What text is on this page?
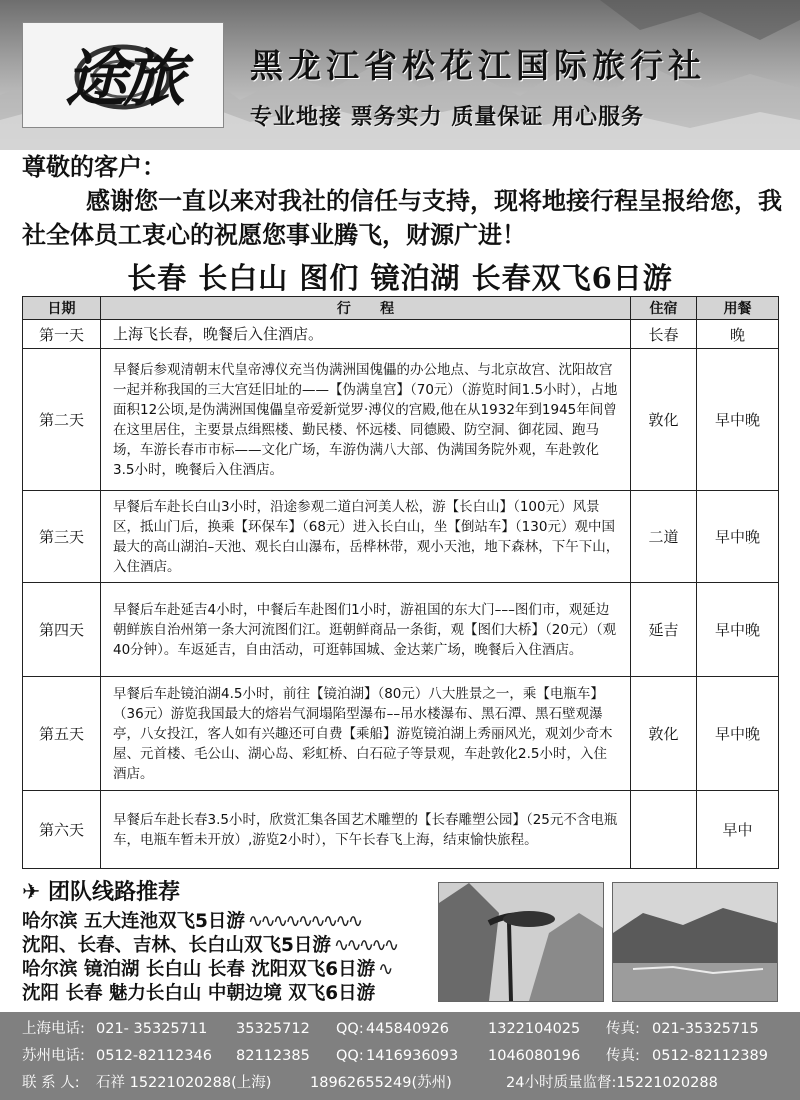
途旅	黑龙江省松花江国际旅行社
专业地接 票务实力 质量保证 用心服务
尊敬的客户：
感谢您一直以来对我社的信任与支持，现将地接行程呈报给您，我社全体员工衷心的祝愿您事业腾飞，财源广进！
长春 长白山 图们 镜泊湖 长春双飞6日游
日期	行      程	住宿	用餐
第一天	上海飞长春，晚餐后入住酒店。	长春	晚
第二天	早餐后参观清朝末代皇帝溥仪充当伪满洲国傀儡的办公地点、与北京故宫、沈阳故宫一起并称我国的三大宫廷旧址的——【伪满皇宫】（70元）（游览时间1.5小时），占地面积12公顷,是伪满洲国傀儡皇帝爱新觉罗·溥仪的宫殿,他在从1932年到1945年间曾在这里居住，主要景点缉熙楼、勤民楼、怀远楼、同德殿、防空洞、御花园、跑马场，车游长春市市标——文化广场，车游伪满八大部、伪满国务院外观，车赴敦化3.5小时，晚餐后入住酒店。	敦化	早中晚
第三天	早餐后车赴长白山3小时，沿途参观二道白河美人松，游【长白山】（100元）风景区，抵山门后，换乘【环保车】（68元）进入长白山，坐【倒站车】（130元）观中国最大的高山湖泊–天池、观长白山瀑布，岳桦林带，观小天池，地下森林，下午下山，入住酒店。	二道	早中晚
第四天	早餐后车赴延吉4小时，中餐后车赴图们1小时，游祖国的东大门–––图们市，观延边朝鲜族自治州第一条大河流图们江。逛朝鲜商品一条街，观【图们大桥】（20元）（观40分钟）。车返延吉，自由活动，可逛韩国城、金达莱广场，晚餐后入住酒店。	延吉	早中晚
第五天	早餐后车赴镜泊湖4.5小时，前往【镜泊湖】（80元）八大胜景之一，乘【电瓶车】（36元）游览我国最大的熔岩气洞塌陷型瀑布––吊水楼瀑布、黑石潭、黑石壁观瀑亭，八女投江，客人如有兴趣还可自费【乘船】游览镜泊湖上秀丽风光，观刘少奇木屋、元首楼、毛公山、湖心岛、彩虹桥、白石砬子等景观，车赴敦化2.5小时，入住酒店。	敦化	早中晚
第六天	早餐后车赴长春3.5小时，欣赏汇集各国艺术雕塑的【长春雕塑公园】（25元不含电瓶车，电瓶车暂未开放）,游览2小时），下午长春飞上海，结束愉快旅程。		早中
✈ 团队线路推荐
哈尔滨 五大连池双飞5日游 ∿∿∿∿∿∿∿∿∿
沈阳、长春、吉林、长白山双飞5日游 ∿∿∿∿∿
哈尔滨 镜泊湖 长白山 长春 沈阳双飞6日游 ∿
沈阳 长春 魅力长白山 中朝边境 双飞6日游
上海电话: 021- 35325711 35325712 QQ: 445840926	1322104025 传真: 021-35325715
苏州电话: 0512-82112346 82112385 QQ: 1416936093 1046080196 传真: 0512-82112389
联 系 人: 石祥 15221020288(上海)	18962655249(苏州)	24小时质量监督:15221020288
